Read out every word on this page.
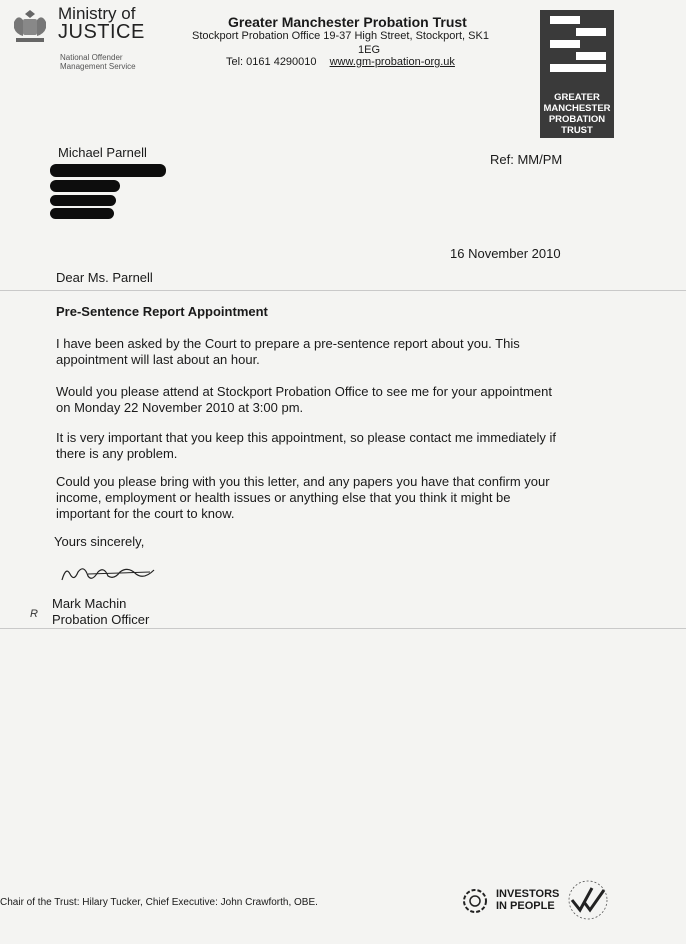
Ministry of
JUSTICE
National Offender
Management Service
Greater Manchester Probation Trust
Stockport Probation Office 19-37 High Street, Stockport, SK1
1EG
Tel: 0161 4290010 www.gm-probation-org.uk
GREATER
MANCHESTER
PROBATION
TRUST
Michael Parnell	Ref: MM/PM
16 November 2010
Dear Ms. Parnell
Pre-Sentence Report Appointment
I have been asked by the Court to prepare a pre-sentence report about you. This appointment will last about an hour.
Would you please attend at Stockport Probation Office to see me for your appointment on Monday 22 November 2010 at 3:00 pm.
It is very important that you keep this appointment, so please contact me immediately if there is any problem.
Could you please bring with you this letter, and any papers you have that confirm your income, employment or health issues or anything else that you think it might be important for the court to know.
Yours sincerely,
Mark Machin
Probation Officer
R
Chair of the Trust: Hilary Tucker, Chief Executive: John Crawforth, OBE.
INVESTORS
IN PEOPLE
